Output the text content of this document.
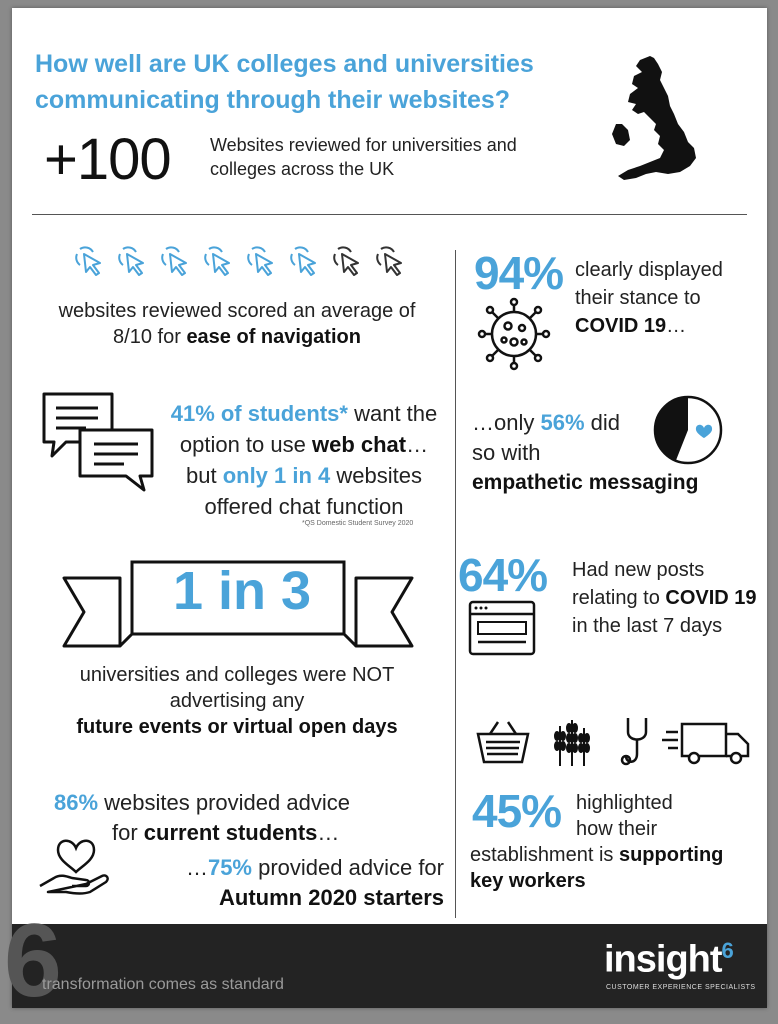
How well are UK colleges and universities
communicating through their websites?
+100 Websites reviewed for universities and colleges across the UK
websites reviewed scored an average of
8/10 for ease of navigation
41% of students* want the
option to use web chat…
but only 1 in 4 websites
offered chat function
*QS Domestic Student Survey 2020
1 in 3
universities and colleges were NOT
advertising any
future events or virtual open days
86% websites provided advice
for current students…
…75% provided advice for
Autumn 2020 starters
94% clearly displayed
their stance to
COVID 19…
…only 56% did
so with
empathetic messaging
64% Had new posts
relating to COVID 19
in the last 7 days
45% highlighted
how their
establishment is supporting
key workers
6
transformation comes as standard
insight$^6$
CUSTOMER EXPERIENCE SPECIALISTS
